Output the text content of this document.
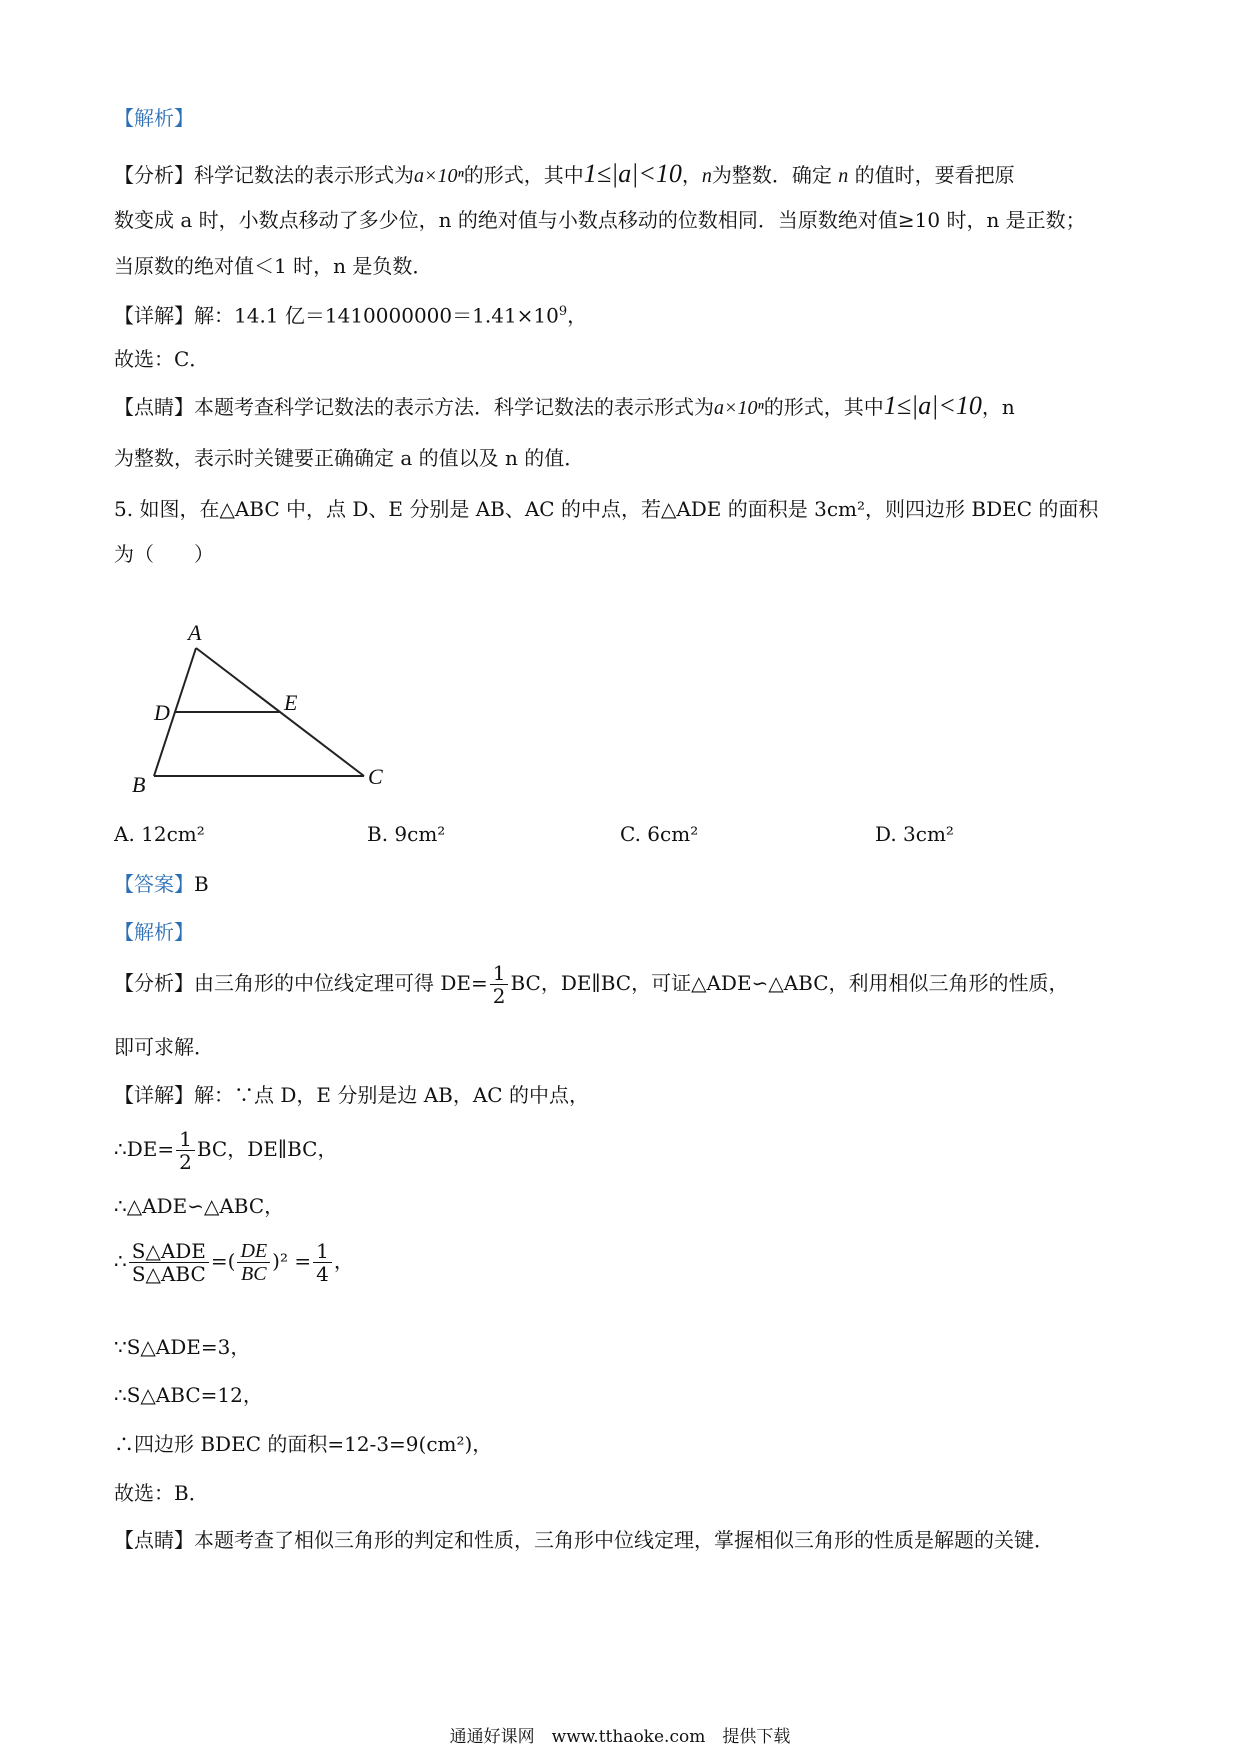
【解析】
【分析】科学记数法的表示形式为a×10ⁿ的形式，其中1≤|a|<10，n为整数．确定 n 的值时，要看把原
数变成 a 时，小数点移动了多少位，n 的绝对值与小数点移动的位数相同．当原数绝对值≥10 时，n 是正数；
当原数的绝对值＜1 时，n 是负数．
【详解】解：14.1 亿$=1410000000=1.41\times 10^9$，
故选：C．
【点睛】本题考查科学记数法的表示方法．科学记数法的表示形式为a×10ⁿ的形式，其中1≤|a|<10，n
为整数，表示时关键要正确确定 a 的值以及 n 的值．
5. 如图，在△ABC 中，点 D、E 分别是 AB、AC 的中点，若△ADE 的面积是 3cm²，则四边形 BDEC 的面积
为（　　）
A
D	E
B	C
A. 12cm²	B. 9cm²	C. 6cm²	D. 3cm²
【答案】B
【解析】
【分析】由三角形的中位线定理可得 $DE= \frac{1}{2}$ BC，DE∥BC，可证△ADE∽△ABC，利用相似三角形的性质，
即可求解．
【详解】解：∵点 D，E 分别是边 AB，AC 的中点，
∴DE= $\frac{1}{2}$ BC，DE∥BC，
∴△ADE∽△ABC，
∴ $\frac{\text{S△ADE}}{\text{S△ABC}}$ =( $\frac{DE}{BC} )^2 = \frac{1}{4}$ ，
∵S△ADE=3，
∴S△ABC=12，
∴四边形 BDEC 的面积=12-3=9(cm²)，
故选：B．
【点睛】本题考查了相似三角形的判定和性质，三角形中位线定理，掌握相似三角形的性质是解题的关键．
通通好课网　www.tthaoke.com　提供下载
